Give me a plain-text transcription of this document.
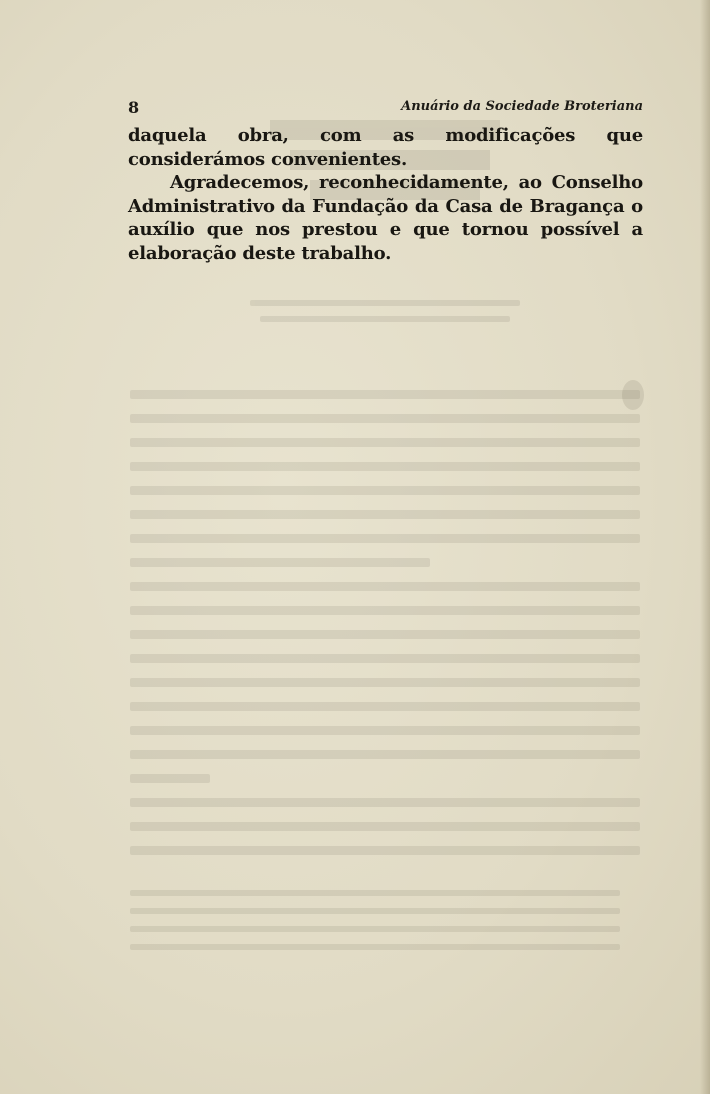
8	Anuário da Sociedade Broteriana

daquela obra, com as modificações que considerámos convenientes.

Agradecemos, reconhecidamente, ao Conselho Administrativo da Fundação da Casa de Bragança o auxílio que nos prestou e que tornou possível a elaboração deste trabalho.
